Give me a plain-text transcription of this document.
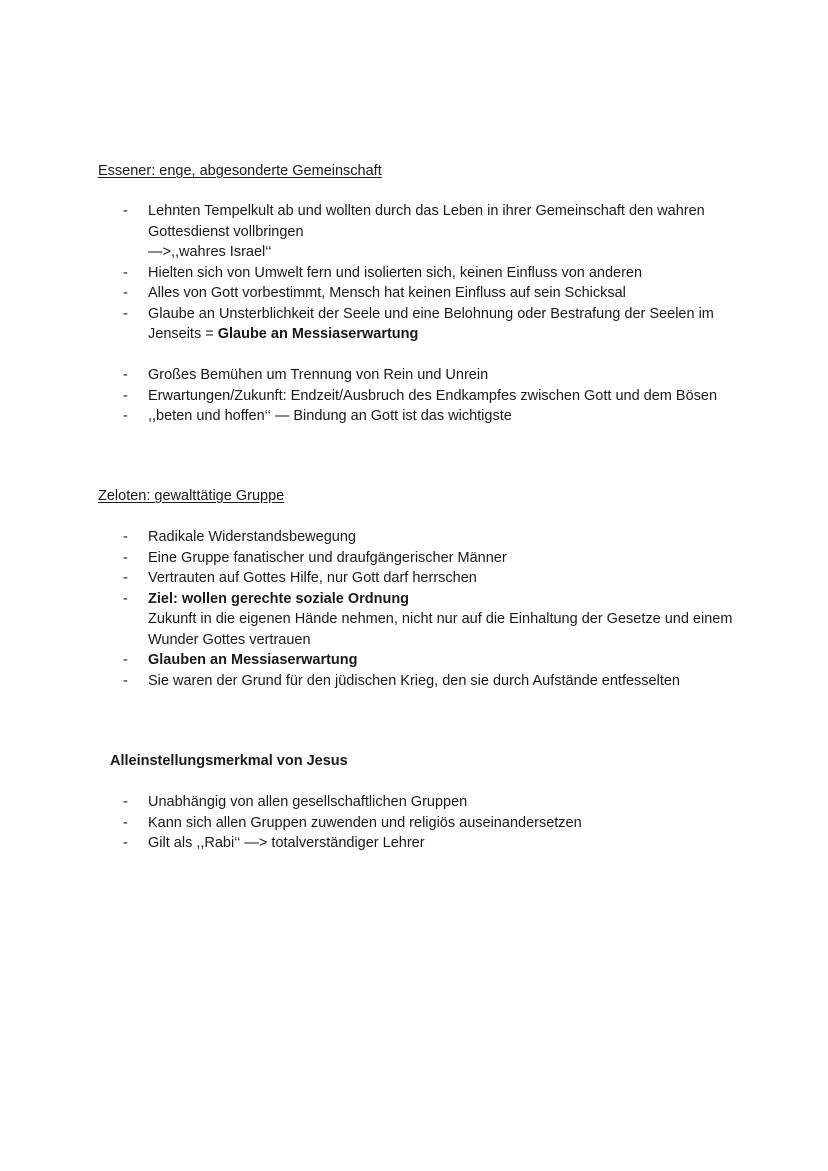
Essener: enge, abgesonderte Gemeinschaft
- Lehnten Tempelkult ab und wollten durch das Leben in ihrer Gemeinschaft den wahren Gottesdienst vollbringen
—>,,wahres Israel‘‘
- Hielten sich von Umwelt fern und isolierten sich, keinen Einfluss von anderen
- Alles von Gott vorbestimmt, Mensch hat keinen Einfluss auf sein Schicksal
- Glaube an Unsterblichkeit der Seele und eine Belohnung oder Bestrafung der Seelen im Jenseits = Glaube an Messiaserwartung
- Großes Bemühen um Trennung von Rein und Unrein
- Erwartungen/Zukunft: Endzeit/Ausbruch des Endkampfes zwischen Gott und dem Bösen
- ,,beten und hoffen‘‘ — Bindung an Gott ist das wichtigste
Zeloten: gewalttätige Gruppe
- Radikale Widerstandsbewegung
- Eine Gruppe fanatischer und draufgängerischer Männer
- Vertrauten auf Gottes Hilfe, nur Gott darf herrschen
- Ziel: wollen gerechte soziale Ordnung
Zukunft in die eigenen Hände nehmen, nicht nur auf die Einhaltung der Gesetze und einem Wunder Gottes vertrauen
- Glauben an Messiaserwartung
- Sie waren der Grund für den jüdischen Krieg, den sie durch Aufstände entfesselten
Alleinstellungsmerkmal von Jesus
- Unabhängig von allen gesellschaftlichen Gruppen
- Kann sich allen Gruppen zuwenden und religiös auseinandersetzen
- Gilt als ,,Rabi‘‘ —> totalverständiger Lehrer
